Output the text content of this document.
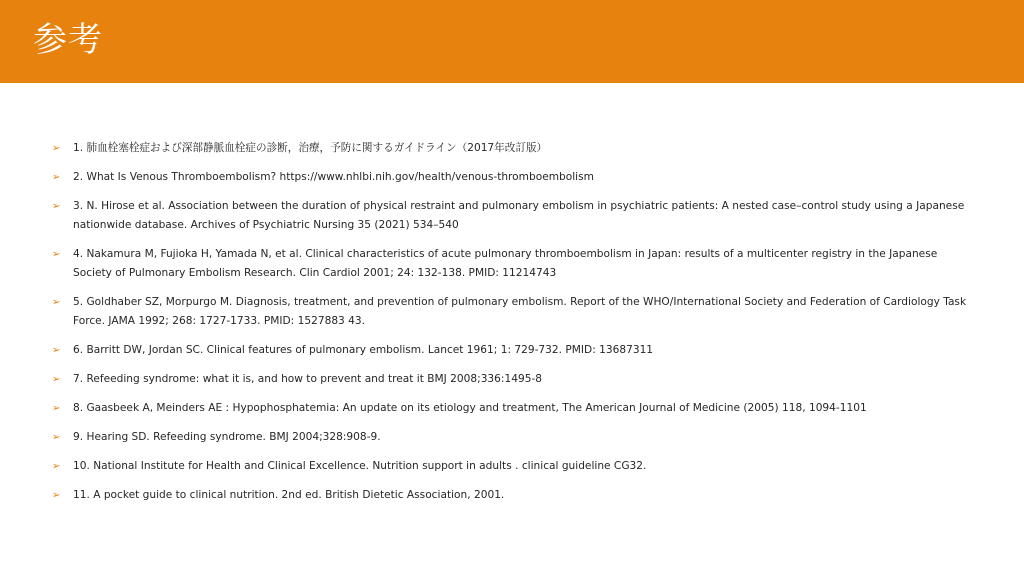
参考
➢ 1. 肺血栓塞栓症および深部静脈血栓症の診断，治療，予防に関するガイドライン（2017年改訂版）
➢ 2. What Is Venous Thromboembolism? https://www.nhlbi.nih.gov/health/venous-thromboembolism
➢ 3. N. Hirose et al. Association between the duration of physical restraint and pulmonary embolism in psychiatric patients: A nested case–control study using a Japanese nationwide database. Archives of Psychiatric Nursing 35 (2021) 534–540
➢ 4. Nakamura M, Fujioka H, Yamada N, et al. Clinical characteristics of acute pulmonary thromboembolism in Japan: results of a multicenter registry in the Japanese Society of Pulmonary Embolism Research. Clin Cardiol 2001; 24: 132-138. PMID: 11214743
➢ 5. Goldhaber SZ, Morpurgo M. Diagnosis, treatment, and prevention of pulmonary embolism. Report of the WHO/International Society and Federation of Cardiology Task Force. JAMA 1992; 268: 1727-1733. PMID: 1527883 43.
➢ 6. Barritt DW, Jordan SC. Clinical features of pulmonary embolism. Lancet 1961; 1: 729-732. PMID: 13687311
➢ 7. Refeeding syndrome: what it is, and how to prevent and treat it BMJ 2008;336:1495-8
➢ 8. Gaasbeek A, Meinders AE : Hypophosphatemia: An update on its etiology and treatment, The American Journal of Medicine (2005) 118, 1094-1101
➢ 9. Hearing SD. Refeeding syndrome. BMJ 2004;328:908-9.
➢ 10. National Institute for Health and Clinical Excellence. Nutrition support in adults . clinical guideline CG32.
➢ 11. A pocket guide to clinical nutrition. 2nd ed. British Dietetic Association, 2001.
